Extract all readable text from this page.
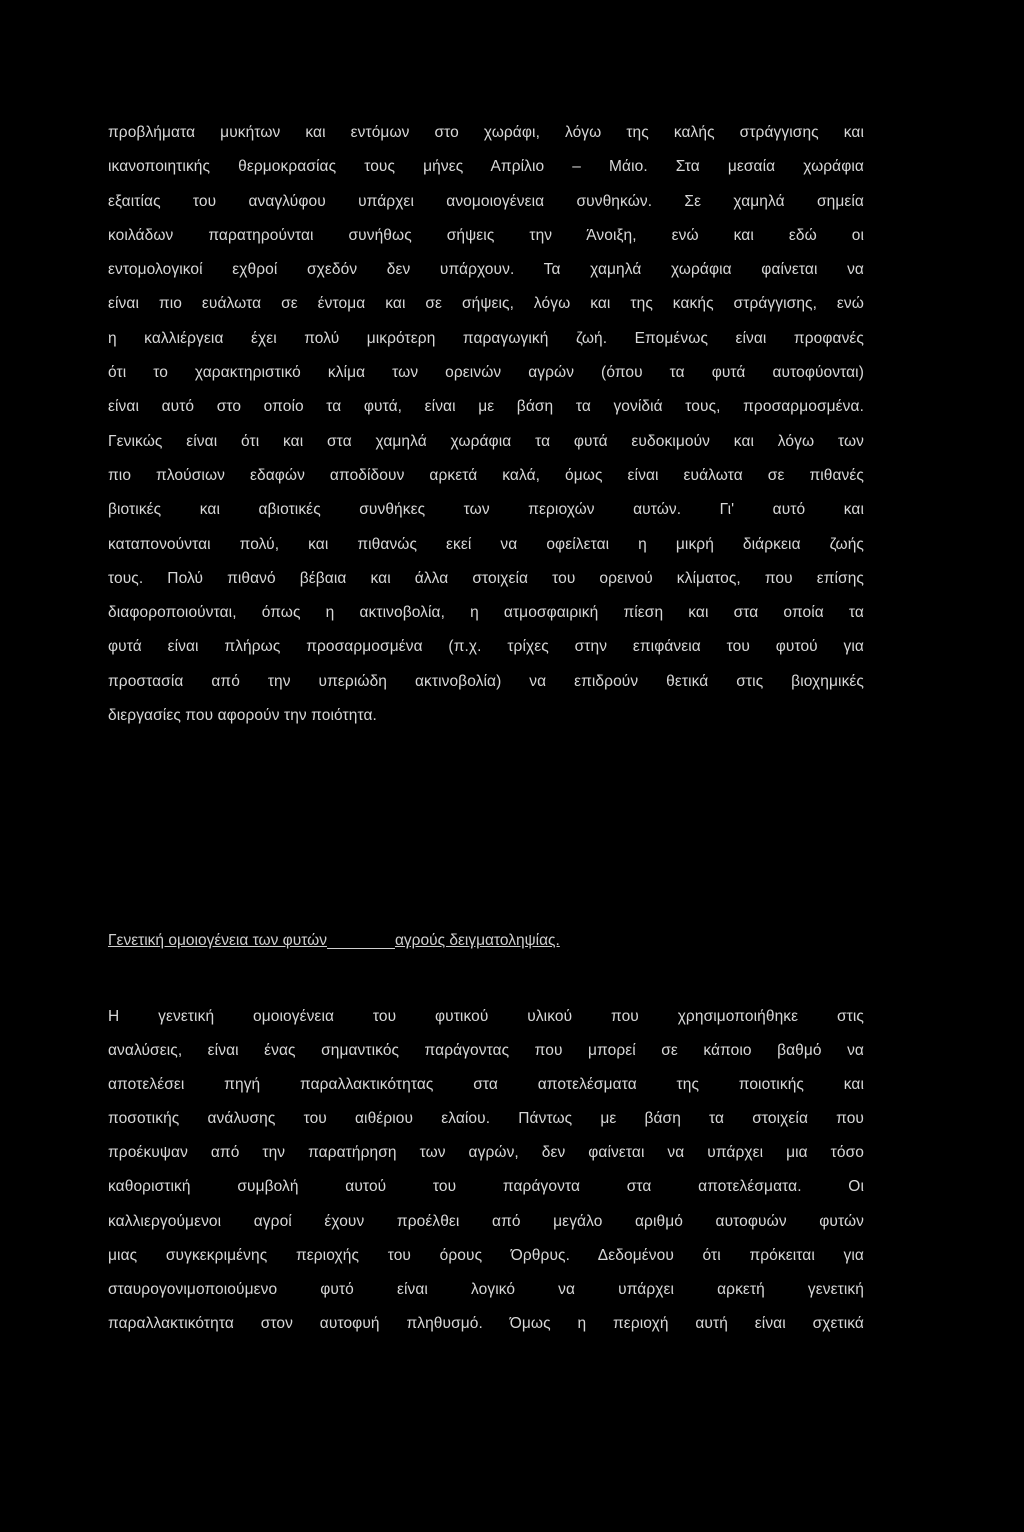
προβλήματα μυκήτων και εντόμων στο χωράφι, λόγω της καλής στράγγισης και
ικανοποιητικής θερμοκρασίας τους μήνες Απρίλιο – Μάιο. Στα μεσαία χωράφια
εξαιτίας του αναγλύφου υπάρχει ανομοιογένεια συνθηκών. Σε χαμηλά σημεία
κοιλάδων παρατηρούνται συνήθως σήψεις την Άνοιξη, ενώ και εδώ οι
εντομολογικοί εχθροί σχεδόν δεν υπάρχουν. Τα χαμηλά χωράφια φαίνεται να
είναι πιο ευάλωτα σε έντομα και σε σήψεις, λόγω και της κακής στράγγισης, ενώ
η καλλιέργεια έχει πολύ μικρότερη παραγωγική ζωή. Επομένως είναι προφανές
ότι το χαρακτηριστικό κλίμα των ορεινών αγρών (όπου τα φυτά αυτοφύονται)
είναι αυτό στο οποίο τα φυτά, είναι με βάση τα γονίδιά τους, προσαρμοσμένα.
Γενικώς είναι ότι και στα χαμηλά χωράφια τα φυτά ευδοκιμούν και λόγω των
πιο πλούσιων εδαφών αποδίδουν αρκετά καλά, όμως είναι ευάλωτα σε πιθανές
βιοτικές και αβιοτικές συνθήκες των περιοχών αυτών. Γι' αυτό και
καταπονούνται πολύ, και πιθανώς εκεί να οφείλεται η μικρή διάρκεια ζωής
τους. Πολύ πιθανό βέβαια και άλλα στοιχεία του ορεινού κλίματος, που επίσης
διαφοροποιούνται, όπως η ακτινοβολία, η ατμοσφαιρική πίεση και στα οποία τα
φυτά είναι πλήρως προσαρμοσμένα (π.χ. τρίχες στην επιφάνεια του φυτού για
προστασία από την υπεριώδη ακτινοβολία) να επιδρούν θετικά στις βιοχημικές
διεργασίες που αφορούν την ποιότητα.
Γενετική ομοιογένεια των φυτών	αγρούς δειγματοληψίας.
Η γενετική ομοιογένεια του φυτικού υλικού που χρησιμοποιήθηκε στις
αναλύσεις, είναι ένας σημαντικός παράγοντας που μπορεί σε κάποιο βαθμό να
αποτελέσει πηγή παραλλακτικότητας στα αποτελέσματα της ποιοτικής και
ποσοτικής ανάλυσης του αιθέριου ελαίου. Πάντως με βάση τα στοιχεία που
προέκυψαν από την παρατήρηση των αγρών, δεν φαίνεται να υπάρχει μια τόσο
καθοριστική συμβολή αυτού του παράγοντα στα αποτελέσματα. Οι
καλλιεργούμενοι αγροί έχουν προέλθει από μεγάλο αριθμό αυτοφυών φυτών
μιας συγκεκριμένης περιοχής του όρους Όρθρυς. Δεδομένου ότι πρόκειται για
σταυρογονιμοποιούμενο φυτό είναι λογικό να υπάρχει αρκετή γενετική
παραλλακτικότητα στον αυτοφυή πληθυσμό. Όμως η περιοχή αυτή είναι σχετικά
